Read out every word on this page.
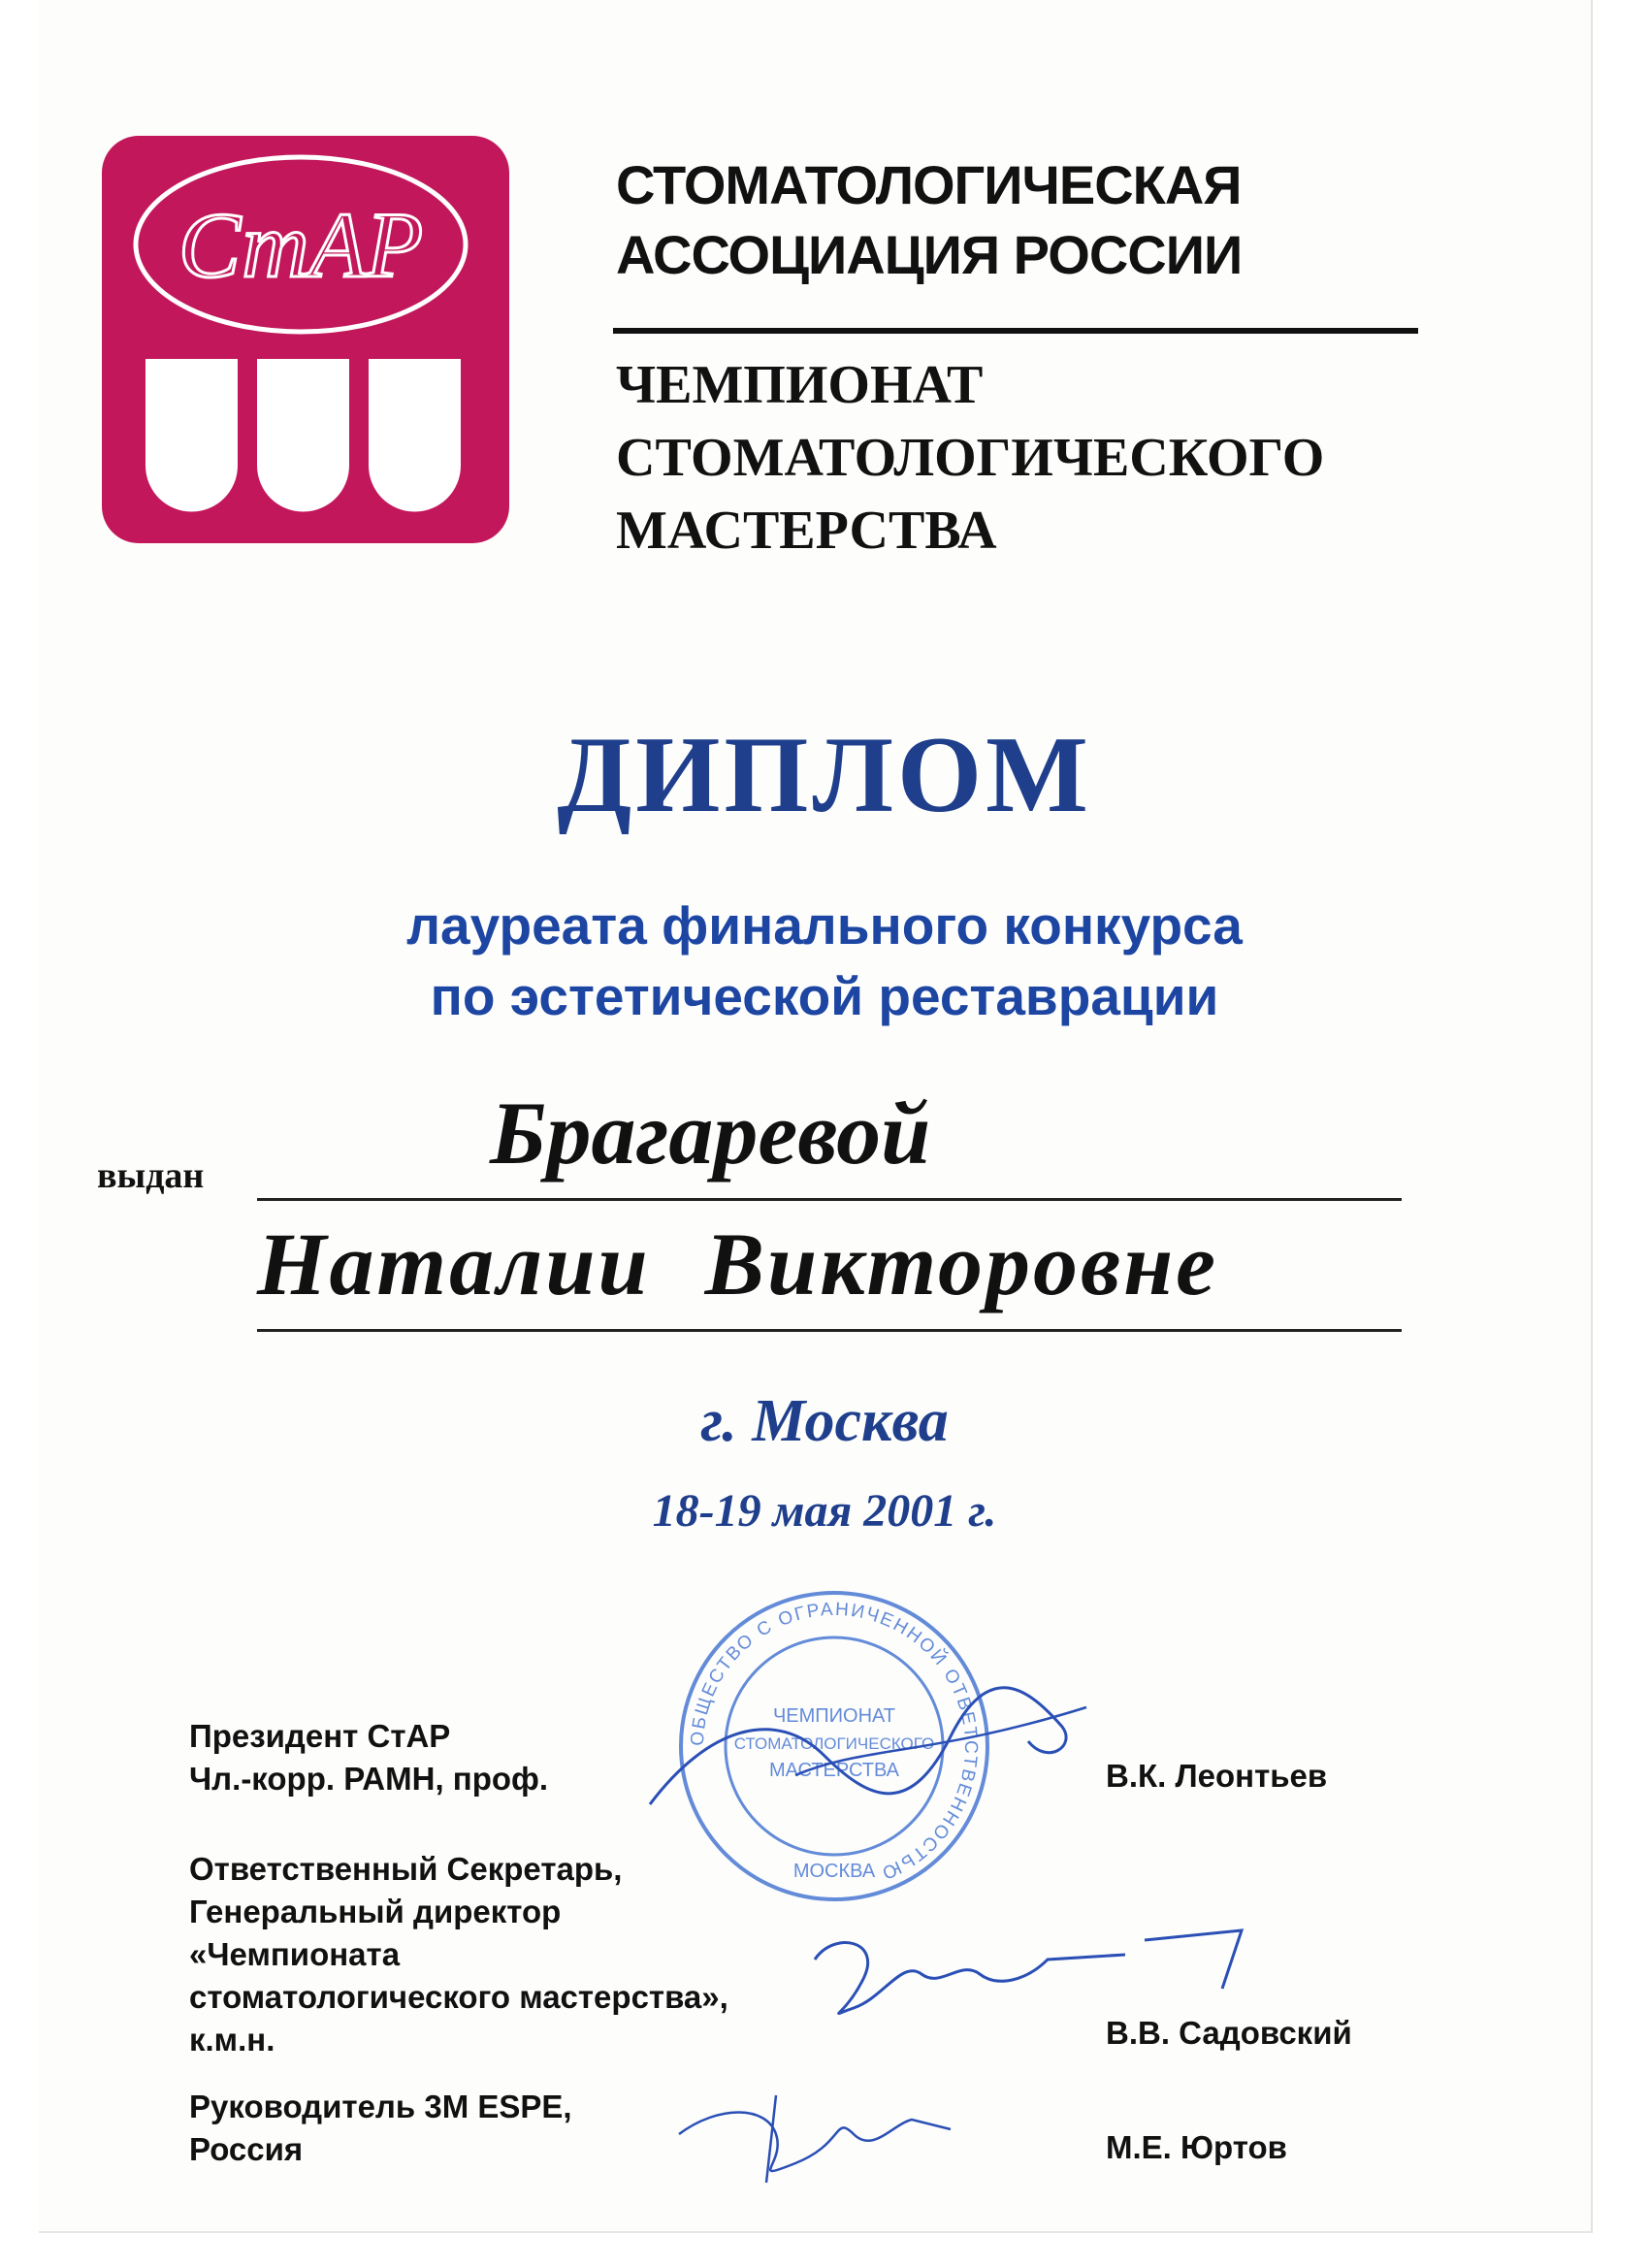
СтАР
СТОМАТОЛОГИЧЕСКАЯ
АССОЦИАЦИЯ РОССИИ
ЧЕМПИОНАТ
СТОМАТОЛОГИЧЕСКОГО
МАСТЕРСТВА
ДИПЛОМ
лауреата финального конкурса
по эстетической реставрации
выдан	Брагаревой
Наталии Викторовне
г. Москва
18-19 мая 2001 г.
ОБЩЕСТВО С ОГРАНИЧЕННОЙ ОТВЕТСТВЕННОСТЬЮ
ЧЕМПИОНАТ
СТОМАТОЛОГИЧЕСКОГО
МАСТЕРСТВА
МОСКВА
Президент СтАР
Чл.-корр. РАМН, проф.	В.К. Леонтьев
Ответственный Секретарь,
Генеральный директор
«Чемпионата
стоматологического мастерства»,
к.м.н.	В.В. Садовский
Руководитель 3M ESPE,
Россия	М.Е. Юртов
